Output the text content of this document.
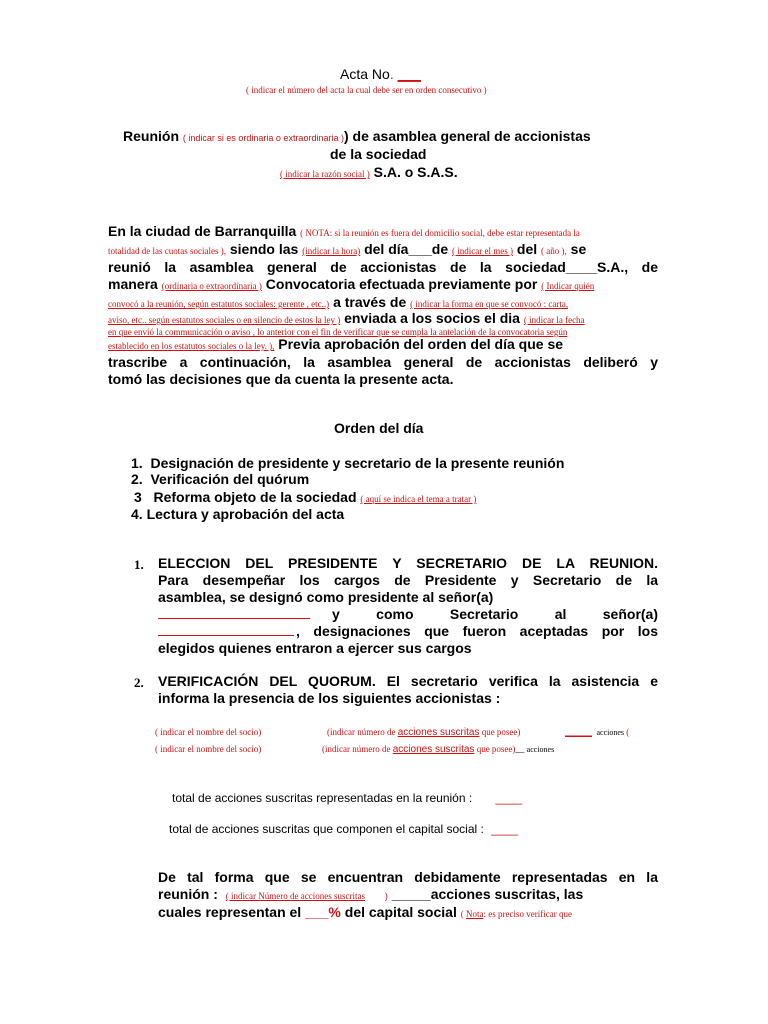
Acta No. ___
( indicar el número del acta la cual debe ser en orden consecutivo )
Reunión ( indicar si es ordinaria o extraordinaria )) de asamblea general de accionistas
de la sociedad
( indicar la razón social ) S.A. o S.A.S.
En la ciudad de Barranquilla ( NOTA: si la reunión es fuera del domicilio social, debe estar representada la
totalidad de las cuotas sociales ), siendo las (indicar la hora) del día___de ( indicar el mes ) del ( año ), se
reunió la asamblea general de accionistas de la sociedad____S.A., de
manera (ordinaria o extraordinaria ) Convocatoria efectuada previamente por ( Indicar quién
convocó a la reunión, según estatutos sociales: gerente , etc..) a través de ( indicar la forma en que se convocó : carta,
aviso, etc.. según estatutos sociales o en silencio de estos la ley ) enviada a los socios el dia ( indicar la fecha
en que envió la communicación o aviso , lo anterior con el fin de verificar que se cumpla la antelación de la convocatoria según
establecido en los estatutos sociales o la ley. ), Previa aprobación del orden del día que se
trascribe a continuación, la asamblea general de accionistas deliberó y
tomó las decisiones que da cuenta la presente acta.
Orden del día
1. Designación de presidente y secretario de la presente reunión
2. Verificación del quórum
3 Reforma objeto de la sociedad ( aquí se indica el tema a tratar )
4. Lectura y aprobación del acta
1. ELECCION DEL PRESIDENTE Y SECRETARIO DE LA REUNION.
Para desempeñar los cargos de Presidente y Secretario de la
asamblea, se designó como presidente al señor(a)
y como Secretario al señor(a)
, designaciones que fueron aceptadas por los
elegidos quienes entraron a ejercer sus cargos
2. VERIFICACIÓN DEL QUORUM. El secretario verifica la asistencia e
informa la presencia de los siguientes accionistas :
( indicar el nombre del socio)	(indicar número de acciones suscritas que posee)	______ acciones (
( indicar el nombre del socio)	(indicar número de acciones suscritas que posee)__ acciones
total de acciones suscritas representadas en la reunión : ____
total de acciones suscritas que componen el capital social : ____
De tal forma que se encuentran debidamente representadas en la
reunión : ( indicar Número de acciones suscritas ) _____acciones suscritas, las
cuales representan el ___% del capital social ( Nota: es preciso verificar que
